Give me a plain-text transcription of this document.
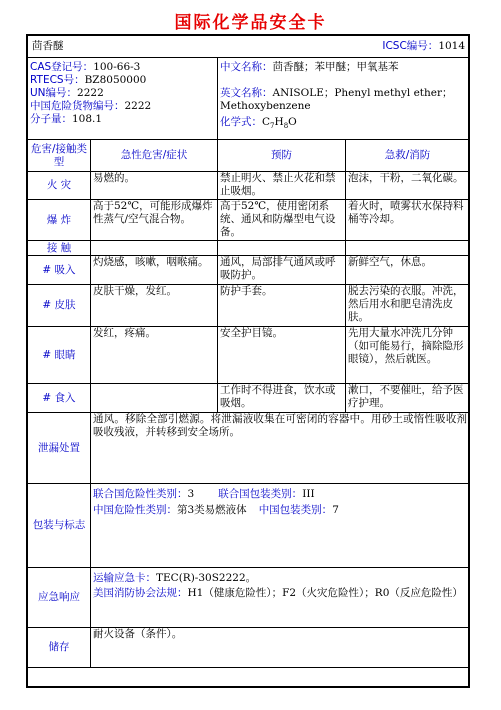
国际化学品安全卡
茴香醚 ICSC编号：1014			

CAS登记号：100-66-3
RTECS号：BZ8050000
UN编号：2222
中国危险货物编号：2222
分子量：108.1		中文名称：茴香醚；苯甲醚；甲氧基苯
英文名称：ANISOLE；Phenyl methyl ether；
Methoxybenzene
化学式：$C_7H_8O$	

危害/接触类型	急性危害/症状	预防	急救/消防
火 灾	易燃的。	禁止明火、禁止火花和禁止吸烟。	泡沫，干粉，二氧化碳。
爆 炸	高于52℃，可能形成爆炸性蒸气/空气混合物。	高于52℃，使用密闭系统、通风和防爆型电气设备。	着火时，喷雾状水保持料桶等冷却。
接 触			
# 吸入	灼烧感，咳嗽，咽喉痛。	通风，局部排气通风或呼吸防护。	新鲜空气，休息。
# 皮肤	皮肤干燥，发红。	防护手套。	脱去污染的衣服。冲洗，然后用水和肥皂清洗皮肤。
# 眼睛	发红，疼痛。	安全护目镜。	先用大量水冲洗几分钟（如可能易行，摘除隐形眼镜），然后就医。
# 食入		工作时不得进食，饮水或吸烟。	漱口，不要催吐，给予医疗护理。
泄漏处置	通风。移除全部引燃源。将泄漏液收集在可密闭的容器中。用砂土或惰性吸收剂吸收残液，并转移到安全场所。		
包装与标志	联合国危险性类别：3 联合国包装类别：III
中国危险性类别：第3类易燃液体 中国包装类别：7		

应急响应	运输应急卡：TEC(R)-30S2222。
美国消防协会法规：H1（健康危险性）；F2（火灾危险性）；R0（反应危险性）		

储存	耐火设备（条件）。		
